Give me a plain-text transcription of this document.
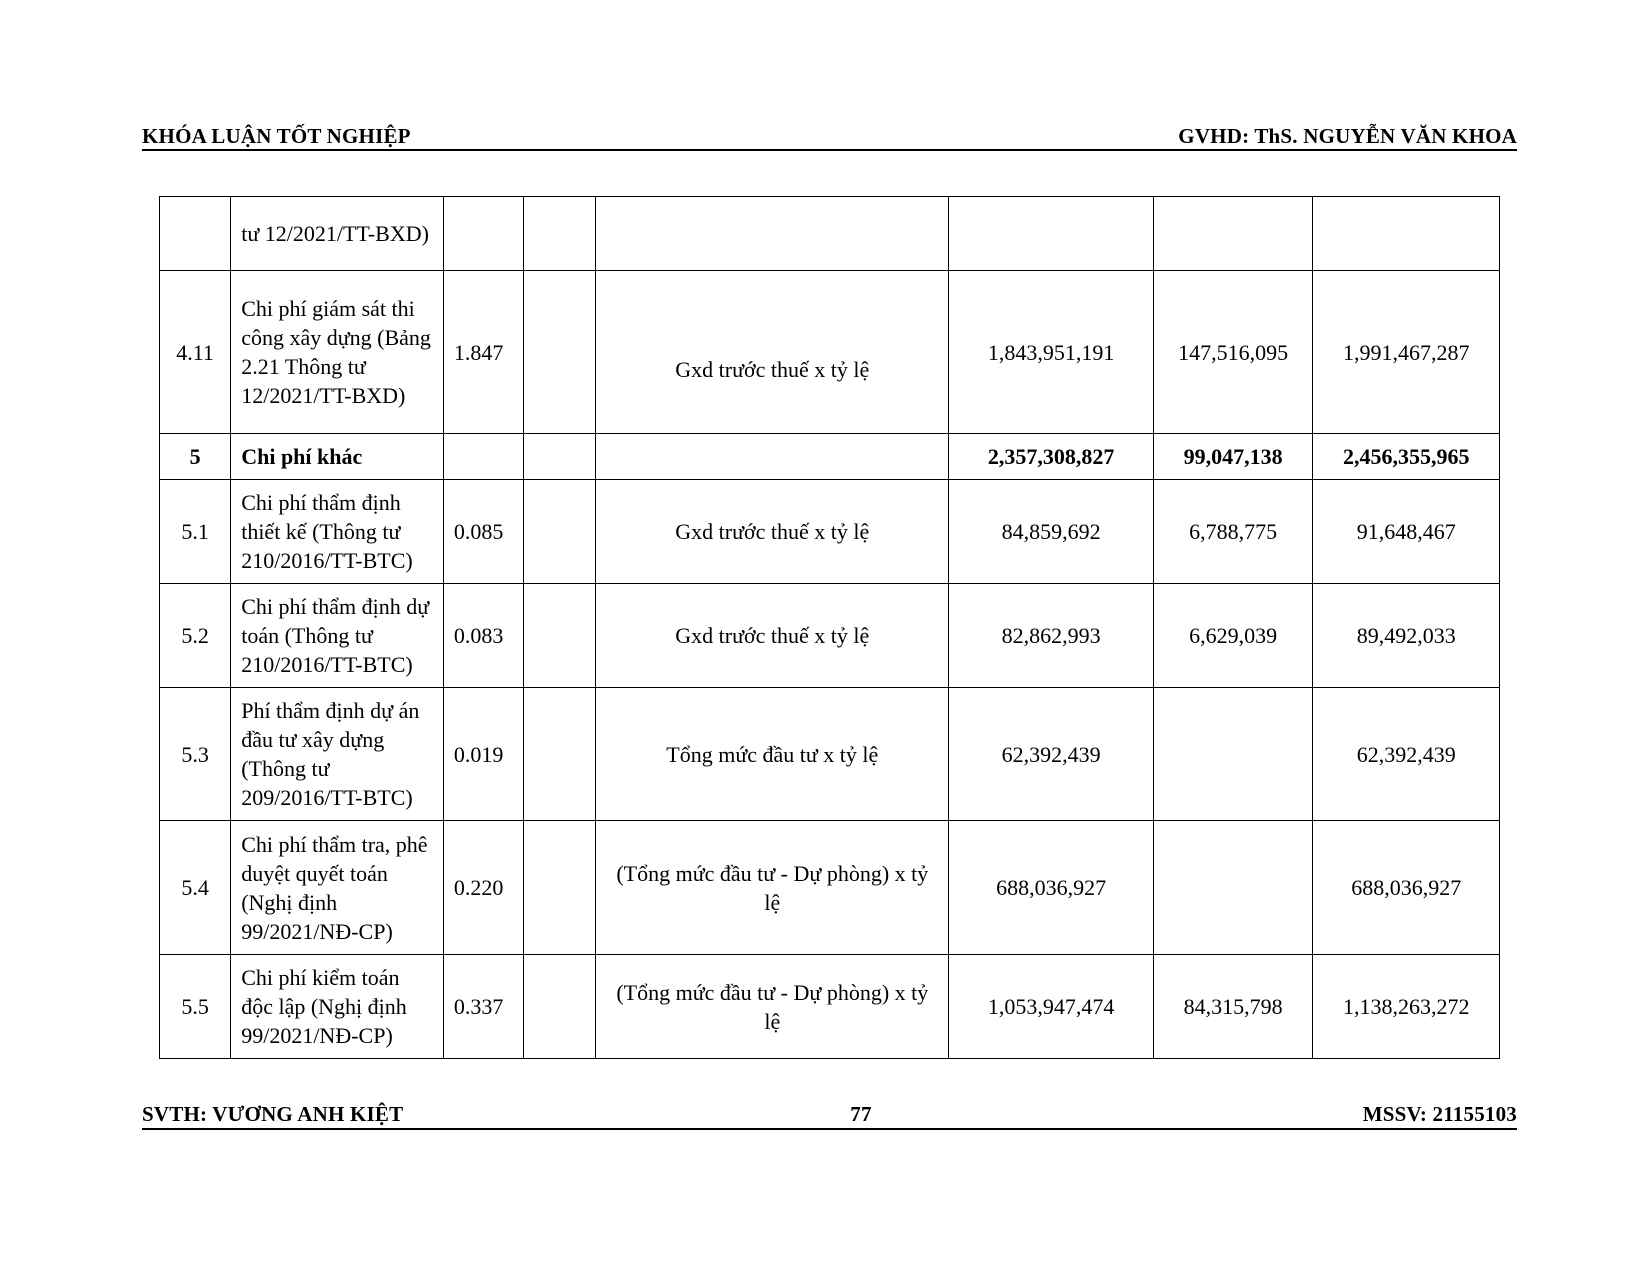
KHÓA LUẬN TỐT NGHIỆP	GVHD: ThS. NGUYỄN VĂN KHOA
	tư 12/2021/TT-BXD)						
4.11	Chi phí giám sát thi công xây dựng (Bảng 2.21 Thông tư 12/2021/TT-BXD)	1.847		Gxd trước thuế x tỷ lệ	1,843,951,191	147,516,095	1,991,467,287
5	Chi phí khác				2,357,308,827	99,047,138	2,456,355,965
5.1	Chi phí thẩm định thiết kế (Thông tư 210/2016/TT-BTC)	0.085		Gxd trước thuế x tỷ lệ	84,859,692	6,788,775	91,648,467
5.2	Chi phí thẩm định dự toán (Thông tư 210/2016/TT-BTC)	0.083		Gxd trước thuế x tỷ lệ	82,862,993	6,629,039	89,492,033
5.3	Phí thẩm định dự án đầu tư xây dựng (Thông tư 209/2016/TT-BTC)	0.019		Tổng mức đầu tư x tỷ lệ	62,392,439		62,392,439
5.4	Chi phí thẩm tra, phê duyệt quyết toán (Nghị định 99/2021/NĐ-CP)	0.220		(Tổng mức đầu tư - Dự phòng) x tỷ lệ	688,036,927		688,036,927
5.5	Chi phí kiểm toán độc lập (Nghị định 99/2021/NĐ-CP)	0.337		(Tổng mức đầu tư - Dự phòng) x tỷ lệ	1,053,947,474	84,315,798	1,138,263,272
SVTH: VƯƠNG ANH KIỆT	77	MSSV: 21155103
